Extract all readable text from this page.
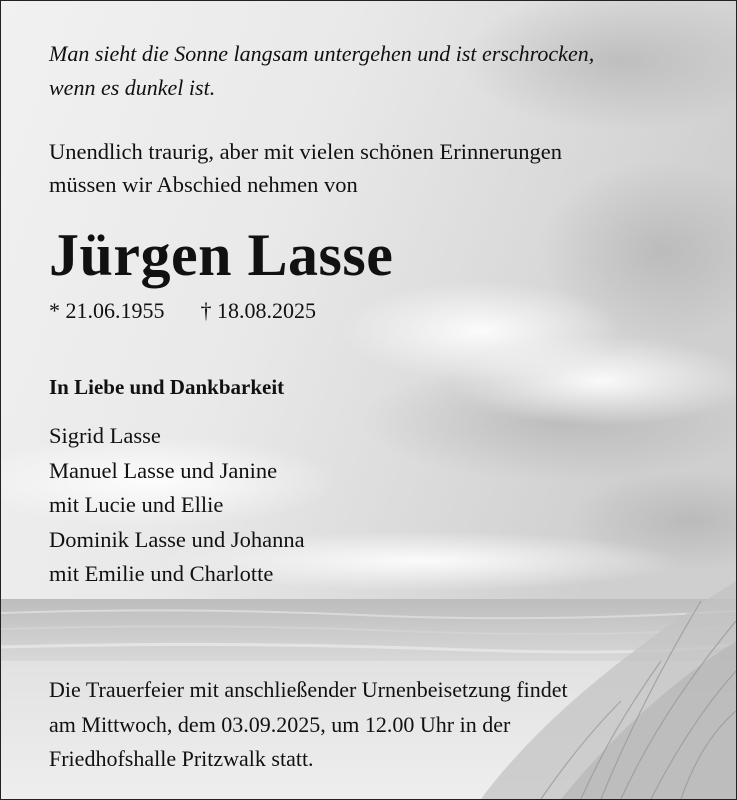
Man sieht die Sonne langsam untergehen und ist erschrocken,
wenn es dunkel ist.
Unendlich traurig, aber mit vielen schönen Erinnerungen
müssen wir Abschied nehmen von
Jürgen Lasse
* 21.06.1955 † 18.08.2025
In Liebe und Dankbarkeit
Sigrid Lasse
Manuel Lasse und Janine
mit Lucie und Ellie
Dominik Lasse und Johanna
mit Emilie und Charlotte
Die Trauerfeier mit anschließender Urnenbeisetzung findet
am Mittwoch, dem 03.09.2025, um 12.00 Uhr in der
Friedhofshalle Pritzwalk statt.
